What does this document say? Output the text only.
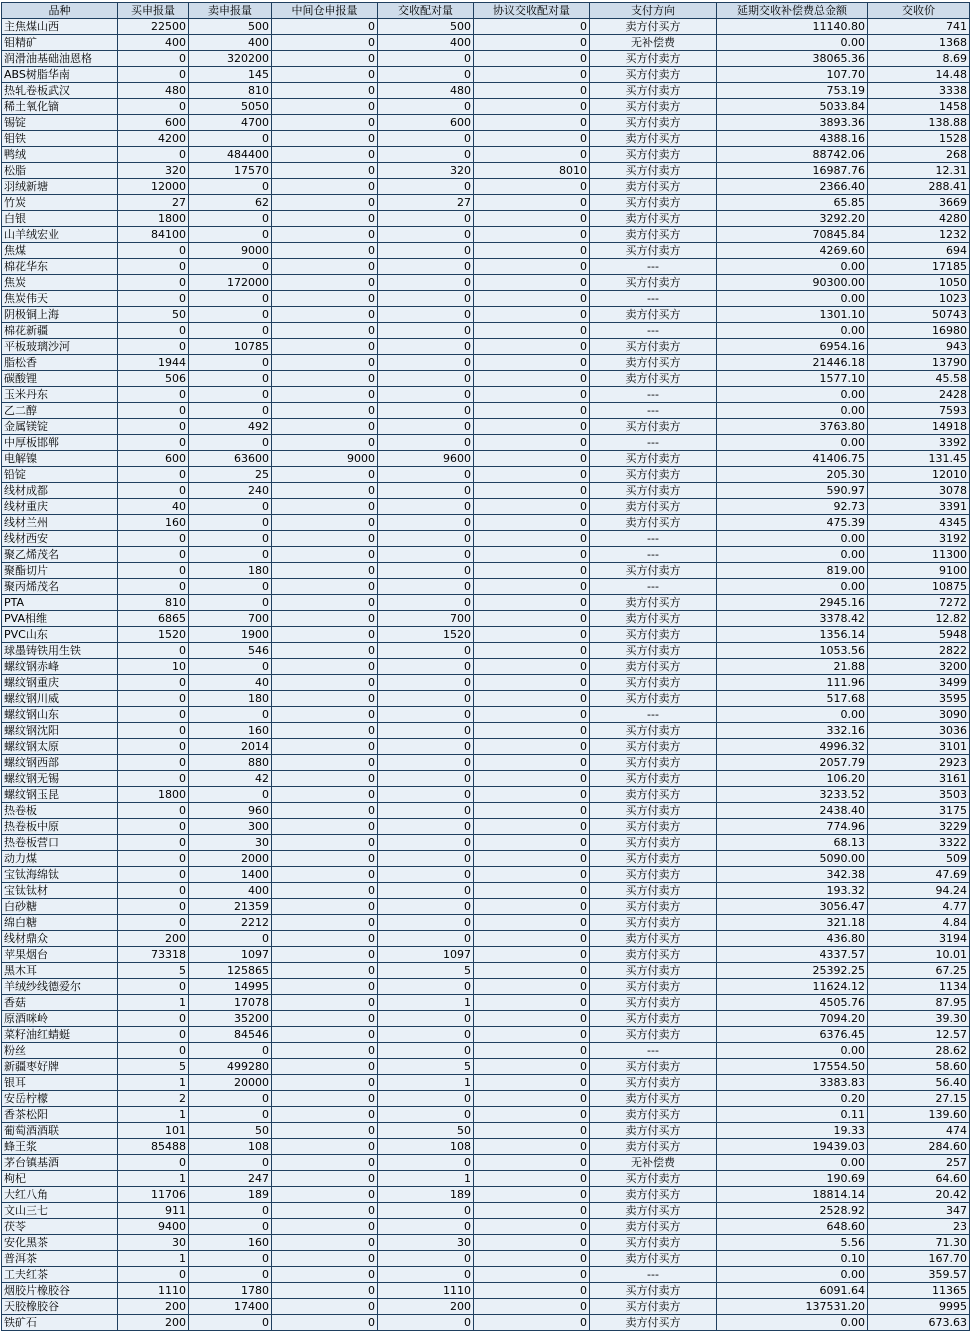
品种	买申报量	卖申报量	中间仓申报量	交收配对量	协议交收配对量	支付方向	延期交收补偿费总金额	交收价
主焦煤山西	22500	500	0	500	0	卖方付买方	11140.80	741
钼精矿	400	400	0	400	0	无补偿费	0.00	1368
润滑油基础油恩格	0	320200	0	0	0	买方付卖方	38065.36	8.69
ABS树脂华南	0	145	0	0	0	买方付卖方	107.70	14.48
热轧卷板武汉	480	810	0	480	0	买方付卖方	753.19	3338
稀土氧化镝	0	5050	0	0	0	买方付卖方	5033.84	1458
锡锭	600	4700	0	600	0	买方付卖方	3893.36	138.88
钼铁	4200	0	0	0	0	卖方付买方	4388.16	1528
鸭绒	0	484400	0	0	0	买方付卖方	88742.06	268
松脂	320	17570	0	320	8010	买方付卖方	16987.76	12.31
羽绒新塘	12000	0	0	0	0	卖方付买方	2366.40	288.41
竹炭	27	62	0	27	0	买方付卖方	65.85	3669
白银	1800	0	0	0	0	卖方付买方	3292.20	4280
山羊绒宏业	84100	0	0	0	0	卖方付买方	70845.84	1232
焦煤	0	9000	0	0	0	买方付卖方	4269.60	694
棉花华东	0	0	0	0	0	---	0.00	17185
焦炭	0	172000	0	0	0	买方付卖方	90300.00	1050
焦炭伟天	0	0	0	0	0	---	0.00	1023
阴极铜上海	50	0	0	0	0	卖方付买方	1301.10	50743
棉花新疆	0	0	0	0	0	---	0.00	16980
平板玻璃沙河	0	10785	0	0	0	买方付卖方	6954.16	943
脂松香	1944	0	0	0	0	卖方付买方	21446.18	13790
碳酸锂	506	0	0	0	0	卖方付买方	1577.10	45.58
玉米丹东	0	0	0	0	0	---	0.00	2428
乙二醇	0	0	0	0	0	---	0.00	7593
金属镁锭	0	492	0	0	0	买方付卖方	3763.80	14918
中厚板邯郸	0	0	0	0	0	---	0.00	3392
电解镍	600	63600	9000	9600	0	买方付卖方	41406.75	131.45
铅锭	0	25	0	0	0	买方付卖方	205.30	12010
线材成都	0	240	0	0	0	买方付卖方	590.97	3078
线材重庆	40	0	0	0	0	卖方付买方	92.73	3391
线材兰州	160	0	0	0	0	卖方付买方	475.39	4345
线材西安	0	0	0	0	0	---	0.00	3192
聚乙烯茂名	0	0	0	0	0	---	0.00	11300
聚酯切片	0	180	0	0	0	买方付卖方	819.00	9100
聚丙烯茂名	0	0	0	0	0	---	0.00	10875
PTA	810	0	0	0	0	卖方付买方	2945.16	7272
PVA相维	6865	700	0	700	0	卖方付买方	3378.42	12.82
PVC山东	1520	1900	0	1520	0	买方付卖方	1356.14	5948
球墨铸铁用生铁	0	546	0	0	0	买方付卖方	1053.56	2822
螺纹钢赤峰	10	0	0	0	0	卖方付买方	21.88	3200
螺纹钢重庆	0	40	0	0	0	买方付卖方	111.96	3499
螺纹钢川威	0	180	0	0	0	买方付卖方	517.68	3595
螺纹钢山东	0	0	0	0	0	---	0.00	3090
螺纹钢沈阳	0	160	0	0	0	买方付卖方	332.16	3036
螺纹钢太原	0	2014	0	0	0	买方付卖方	4996.32	3101
螺纹钢西部	0	880	0	0	0	买方付卖方	2057.79	2923
螺纹钢无锡	0	42	0	0	0	买方付卖方	106.20	3161
螺纹钢玉昆	1800	0	0	0	0	卖方付买方	3233.52	3503
热卷板	0	960	0	0	0	买方付卖方	2438.40	3175
热卷板中原	0	300	0	0	0	买方付卖方	774.96	3229
热卷板营口	0	30	0	0	0	买方付卖方	68.13	3322
动力煤	0	2000	0	0	0	买方付卖方	5090.00	509
宝钛海绵钛	0	1400	0	0	0	买方付卖方	342.38	47.69
宝钛钛材	0	400	0	0	0	买方付卖方	193.32	94.24
白砂糖	0	21359	0	0	0	买方付卖方	3056.47	4.77
绵白糖	0	2212	0	0	0	买方付卖方	321.18	4.84
线材鼎众	200	0	0	0	0	卖方付买方	436.80	3194
苹果烟台	73318	1097	0	1097	0	卖方付买方	4337.57	10.01
黑木耳	5	125865	0	5	0	买方付卖方	25392.25	67.25
羊绒纱线德爱尔	0	14995	0	0	0	买方付卖方	11624.12	1134
香菇	1	17078	0	1	0	买方付卖方	4505.76	87.95
原酒咪岭	0	35200	0	0	0	买方付卖方	7094.20	39.30
菜籽油红蜻蜓	0	84546	0	0	0	买方付卖方	6376.45	12.57
粉丝	0	0	0	0	0	---	0.00	28.62
新疆枣好牌	5	499280	0	5	0	买方付卖方	17554.50	58.60
银耳	1	20000	0	1	0	买方付卖方	3383.83	56.40
安岳柠檬	2	0	0	0	0	卖方付买方	0.20	27.15
香茶松阳	1	0	0	0	0	卖方付买方	0.11	139.60
葡萄酒酒联	101	50	0	50	0	卖方付买方	19.33	474
蜂王浆	85488	108	0	108	0	卖方付买方	19439.03	284.60
茅台镇基酒	0	0	0	0	0	无补偿费	0.00	257
枸杞	1	247	0	1	0	买方付卖方	190.69	64.60
大红八角	11706	189	0	189	0	卖方付买方	18814.14	20.42
文山三七	911	0	0	0	0	卖方付买方	2528.92	347
茯苓	9400	0	0	0	0	卖方付买方	648.60	23
安化黑茶	30	160	0	30	0	买方付卖方	5.56	71.30
普洱茶	1	0	0	0	0	卖方付买方	0.10	167.70
工夫红茶	0	0	0	0	0	---	0.00	359.57
烟胶片橡胶谷	1110	1780	0	1110	0	买方付卖方	6091.64	11365
天胶橡胶谷	200	17400	0	200	0	买方付卖方	137531.20	9995
铁矿石	200	0	0	0	0	卖方付买方	0.00	673.63
